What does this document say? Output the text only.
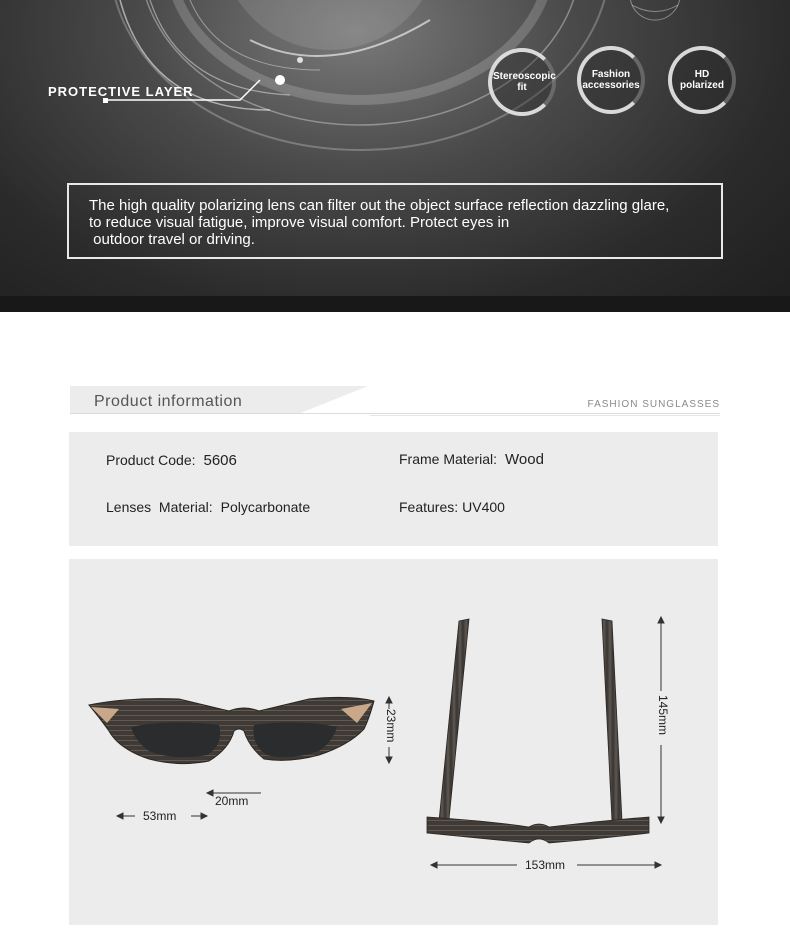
PROTECTIVE LAYER
Stereoscopic fit
Fashion accessories
HD polarized
The high quality polarizing lens can filter out the object surface reflection dazzling glare,
to reduce visual fatigue, improve visual comfort. Protect eyes in
outdoor travel or driving.
Product information	FASHION SUNGLASSES
Product Code: 5606	Frame Material: Wood
Lenses  Material: Polycarbonate	Features: UV400
53mm
20mm
23mm	145mm
153mm
